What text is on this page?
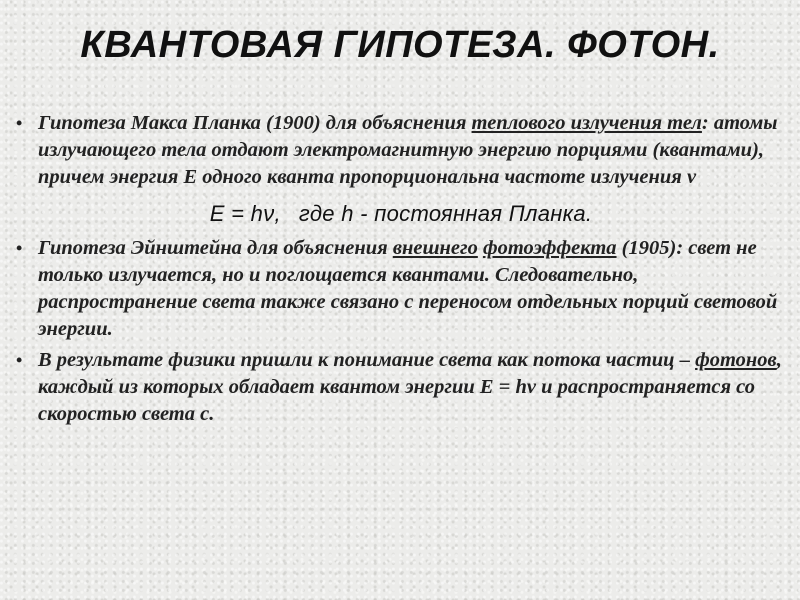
КВАНТОВАЯ ГИПОТЕЗА. ФОТОН.

• Гипотеза Макса Планка (1900) для объяснения теплового излучения тел: атомы излучающего тела отдают электромагнитную энергию порциями (квантами), причем энергия Е одного кванта пропорциональна частоте излучения ν

Е = hν, где h - постоянная Планка.

• Гипотеза Эйнштейна для объяснения внешнего фотоэффекта (1905): свет не только излучается, но и поглощается квантами. Следовательно, распространение света также связано с переносом отдельных порций световой энергии.

• В результате физики пришли к понимание света как потока частиц – фотонов, каждый из которых обладает квантом энергии Е = hν и распространяется со скоростью света с.
